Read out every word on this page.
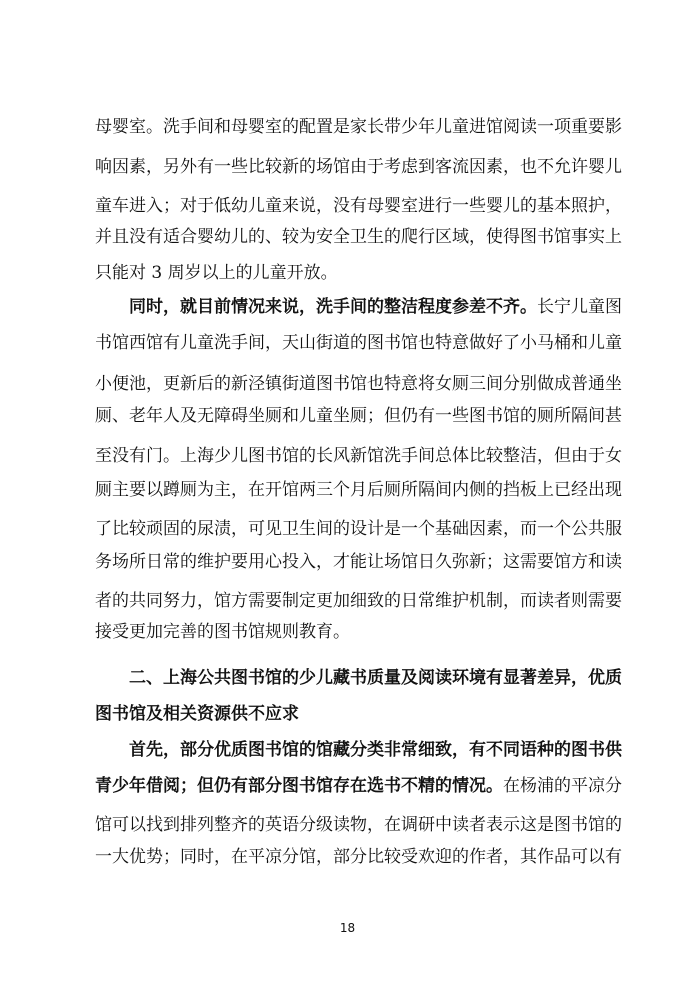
母婴室。洗手间和母婴室的配置是家长带少年儿童进馆阅读一项重要影
响因素，另外有一些比较新的场馆由于考虑到客流因素，也不允许婴儿
童车进入；对于低幼儿童来说，没有母婴室进行一些婴儿的基本照护，
并且没有适合婴幼儿的、较为安全卫生的爬行区域，使得图书馆事实上
只能对 3 周岁以上的儿童开放。
同时，就目前情况来说，洗手间的整洁程度参差不齐。长宁儿童图
书馆西馆有儿童洗手间，天山街道的图书馆也特意做好了小马桶和儿童
小便池，更新后的新泾镇街道图书馆也特意将女厕三间分别做成普通坐
厕、老年人及无障碍坐厕和儿童坐厕；但仍有一些图书馆的厕所隔间甚
至没有门。上海少儿图书馆的长风新馆洗手间总体比较整洁，但由于女
厕主要以蹲厕为主，在开馆两三个月后厕所隔间内侧的挡板上已经出现
了比较顽固的尿渍，可见卫生间的设计是一个基础因素，而一个公共服
务场所日常的维护要用心投入，才能让场馆日久弥新；这需要馆方和读
者的共同努力，馆方需要制定更加细致的日常维护机制，而读者则需要
接受更加完善的图书馆规则教育。
二、上海公共图书馆的少儿藏书质量及阅读环境有显著差异，优质
图书馆及相关资源供不应求
首先，部分优质图书馆的馆藏分类非常细致，有不同语种的图书供
青少年借阅；但仍有部分图书馆存在选书不精的情况。在杨浦的平凉分
馆可以找到排列整齐的英语分级读物，在调研中读者表示这是图书馆的
一大优势；同时，在平凉分馆，部分比较受欢迎的作者，其作品可以有
18
